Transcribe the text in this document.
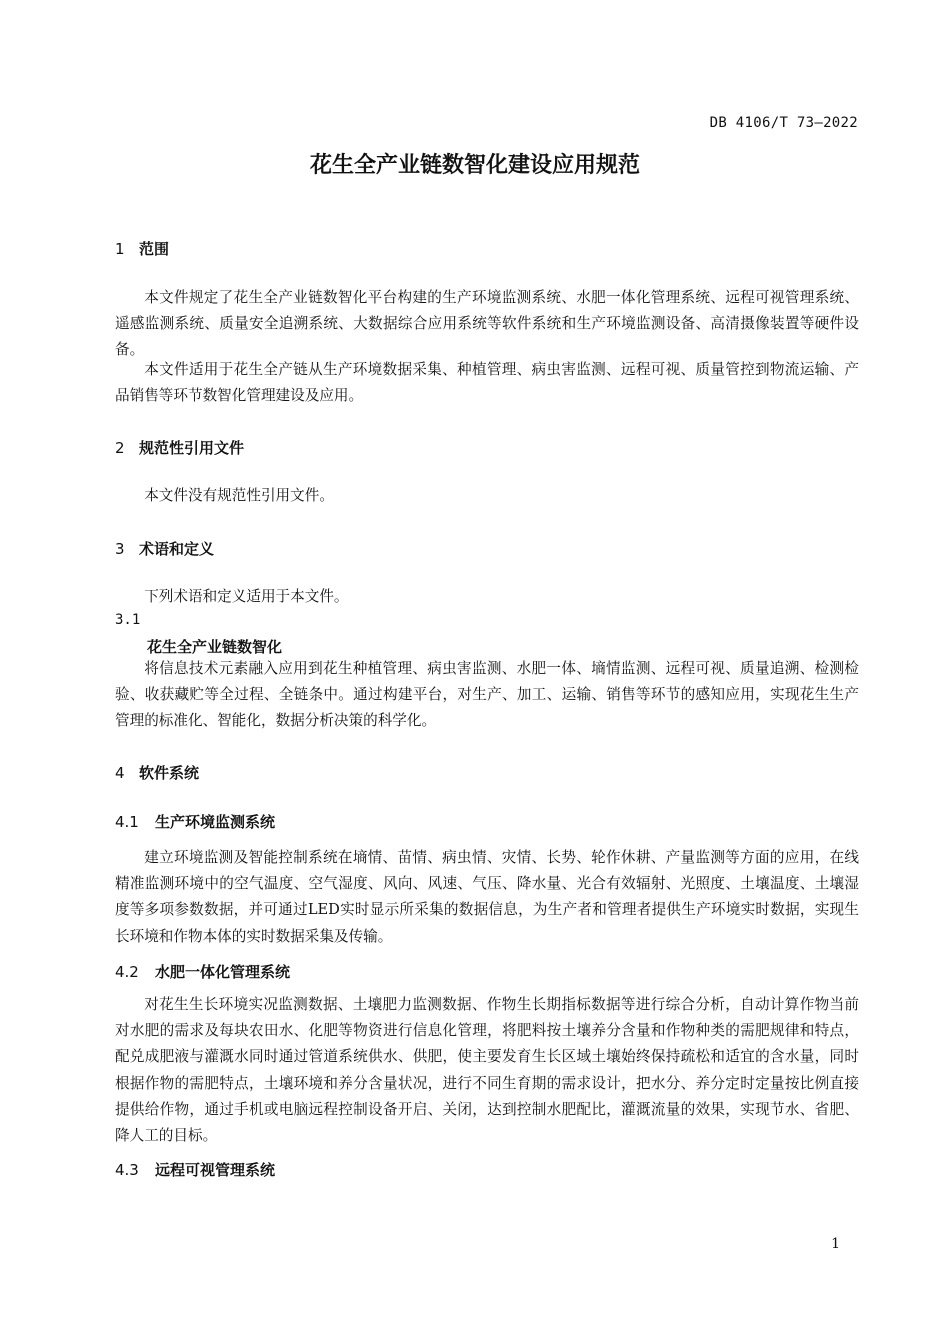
DB 4106/T 73—2022
花生全产业链数智化建设应用规范
1 范围

本文件规定了花生全产业链数智化平台构建的生产环境监测系统、水肥一体化管理系统、远程可视管理系统、遥感监测系统、质量安全追溯系统、大数据综合应用系统等软件系统和生产环境监测设备、高清摄像装置等硬件设备。

本文件适用于花生全产链从生产环境数据采集、种植管理、病虫害监测、远程可视、质量管控到物流运输、产品销售等环节数智化管理建设及应用。

2 规范性引用文件

本文件没有规范性引用文件。

3 术语和定义

下列术语和定义适用于本文件。

3.1
花生全产业链数智化

将信息技术元素融入应用到花生种植管理、病虫害监测、水肥一体、墒情监测、远程可视、质量追溯、检测检验、收获藏贮等全过程、全链条中。通过构建平台，对生产、加工、运输、销售等环节的感知应用，实现花生生产管理的标准化、智能化，数据分析决策的科学化。

4 软件系统
4.1 生产环境监测系统

建立环境监测及智能控制系统在墒情、苗情、病虫情、灾情、长势、轮作休耕、产量监测等方面的应用，在线精准监测环境中的空气温度、空气湿度、风向、风速、气压、降水量、光合有效辐射、光照度、土壤温度、土壤湿度等多项参数数据，并可通过LED实时显示所采集的数据信息，为生产者和管理者提供生产环境实时数据，实现生长环境和作物本体的实时数据采集及传输。

4.2 水肥一体化管理系统

对花生生长环境实况监测数据、土壤肥力监测数据、作物生长期指标数据等进行综合分析，自动计算作物当前对水肥的需求及每块农田水、化肥等物资进行信息化管理，将肥料按土壤养分含量和作物种类的需肥规律和特点，配兑成肥液与灌溉水同时通过管道系统供水、供肥，使主要发育生长区域土壤始终保持疏松和适宜的含水量，同时根据作物的需肥特点，土壤环境和养分含量状况，进行不同生育期的需求设计，把水分、养分定时定量按比例直接提供给作物，通过手机或电脑远程控制设备开启、关闭，达到控制水肥配比，灌溉流量的效果，实现节水、省肥、降人工的目标。

4.3 远程可视管理系统
1
